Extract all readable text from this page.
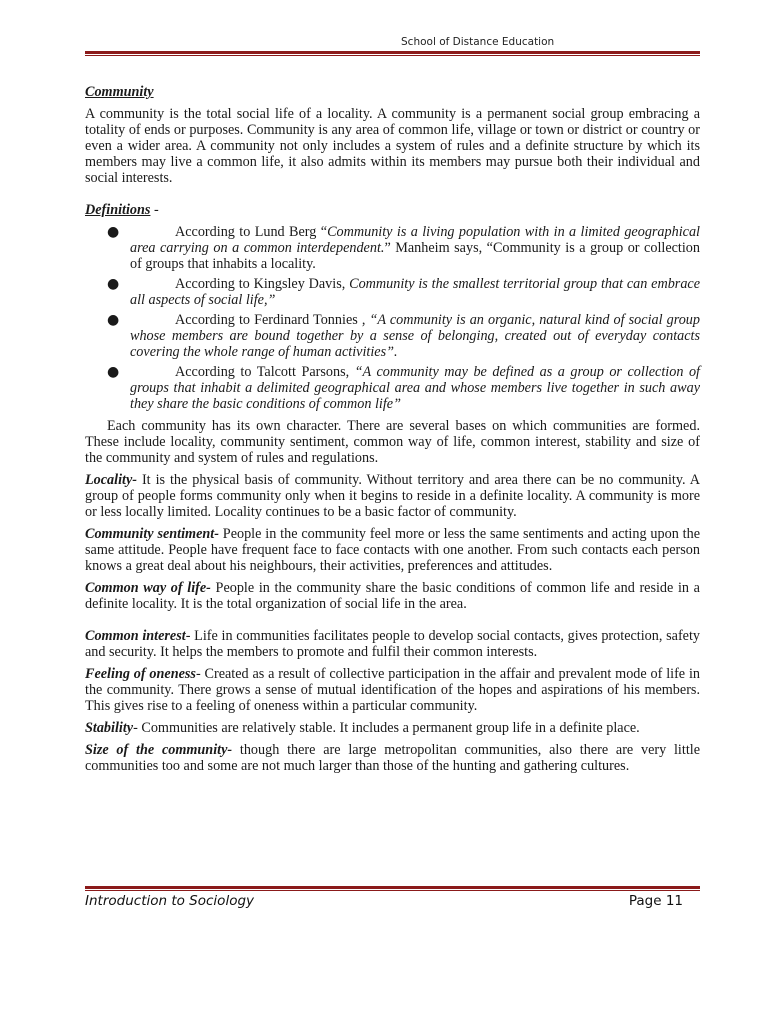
School of Distance Education

Community

A community is the total social life of a locality. A community is a permanent social group embracing a totality of ends or purposes. Community is any area of common life, village or town or district or country or even a wider area. A community not only includes a system of rules and a definite structure by which its members may live a common life, it also admits within its members may pursue both their individual and social interests.

Definitions -

●	According to Lund Berg “Community is a living population with in a limited geographical area carrying on a common interdependent.” Manheim says, “Community is a group or collection of groups that inhabits a locality.
●	According to Kingsley Davis, Community is the smallest territorial group that can embrace all aspects of social life,”
●	According to Ferdinard Tonnies , “A community is an organic, natural kind of social group whose members are bound together by a sense of belonging, created out of everyday contacts covering the whole range of human activities”.
●	According to Talcott Parsons, “A community may be defined as a group or collection of groups that inhabit a delimited geographical area and whose members live together in such away they share the basic conditions of common life”

Each community has its own character. There are several bases on which communities are formed. These include locality, community sentiment, common way of life, common interest, stability and size of the community and system of rules and regulations.

Locality- It is the physical basis of community. Without territory and area there can be no community. A group of people forms community only when it begins to reside in a definite locality. A community is more or less locally limited. Locality continues to be a basic factor of community.

Community sentiment- People in the community feel more or less the same sentiments and acting upon the same attitude. People have frequent face to face contacts with one another. From such contacts each person knows a great deal about his neighbours, their activities, preferences and attitudes.

Common way of life- People in the community share the basic conditions of common life and reside in a definite locality. It is the total organization of social life in the area.

Common interest- Life in communities facilitates people to develop social contacts, gives protection, safety and security. It helps the members to promote and fulfil their common interests.

Feeling of oneness- Created as a result of collective participation in the affair and prevalent mode of life in the community. There grows a sense of mutual identification of the hopes and aspirations of his members. This gives rise to a feeling of oneness within a particular community.

Stability- Communities are relatively stable. It includes a permanent group life in a definite place.

Size of the community- though there are large metropolitan communities, also there are very little communities too and some are not much larger than those of the hunting and gathering cultures.

Introduction to Sociology	Page 11
